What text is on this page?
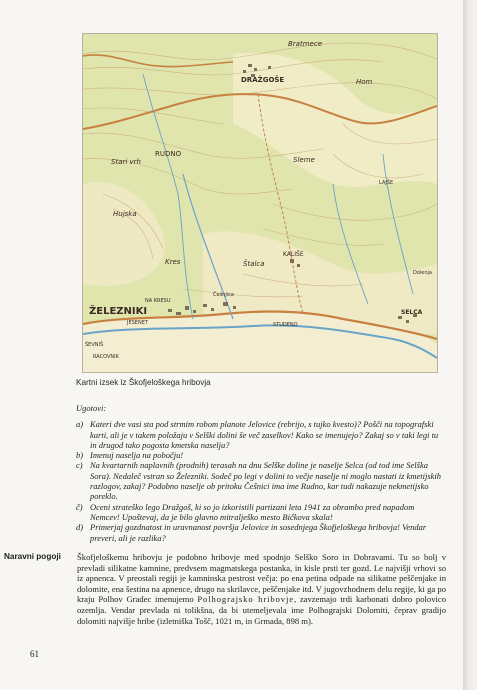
Bratmece
DRAŽGOŠE	Hom
RUDNO
Stari vrh	Sleme
Hujska
Kres	Štalca
KALIŠE
ŽELEZNIKI	SELCA
NA KRESU
Češnjica
STUDENO
JESENET
ŠEVNIŠ
RACOVNIK
Dolenja
LAJŠE
Kartni izsek iz Škofjeloškega hribovja
Ugotovi:
a) Kateri dve vasi sta pod strmim robom planote Jelovice (rebrijo, s tujko kvesto)? Pošči na topografski karti, ali je v takem položaju v Selški dolini še več zaselkov! Kako se imenujejo? Zakaj so v taki legi tu in drugod tako pogosta kmetska naselja?
b) Imenuj naselja na pobočju!
c) Na kvartarnih naplavnih (prodnih) terasah na dnu Selške doline je naselje Selca (od tod ime Selška Sora). Nedaleč vstran so Železniki. Sodeč po legi v dolini to večje naselje ni moglo nastati iz kmetijskih razlogov, zakaj? Podobno naselje ob pritoku Češnici ima ime Rudno, kar tudi nakazuje nekmetijsko poreklo.
č) Oceni strateško lego Dražgoš, ki so jo izkoristili partizani leta 1941 za obrambo pred napadom Nemcev! Upoštevaj, da je bilo glavno mitralješko mesto Bičkova skala!
d) Primerjaj gozdnatost in uravnanost površja Jelovice in sosednjega Škofjeloškega hribovja! Vendar preveri, ali je razlika?
Naravni pogoji Škofjeloškemu hribovju je podobno hribovje med spodnjo Selško Soro in Dobravami. Tu so bolj v prevladi silikatne kamnine, predvsem magmatskega postanka, in kisle prsti ter gozd. Le najvišji vrhovi so iz apnenca. V preostali regiji je kamninska pestrost večja: po ena petina odpade na silikatne peščenjake in dolomite, ena šestina na apnence, drugo na skrilavce, peščenjake itd. V jugovzhodnem delu regije, ki ga po kraju Polhov Gradec imenujemo Polhograjsko hribovje, zavzemajo trdi karbonati dobro polovico ozemlja. Vendar prevlada ni tolikšna, da bi utemeljevala ime Polhograjski Dolomiti, čeprav gradijo dolomiti najvišje hribe (izletniška Tošč, 1021 m, in Grmada, 898 m).
61
